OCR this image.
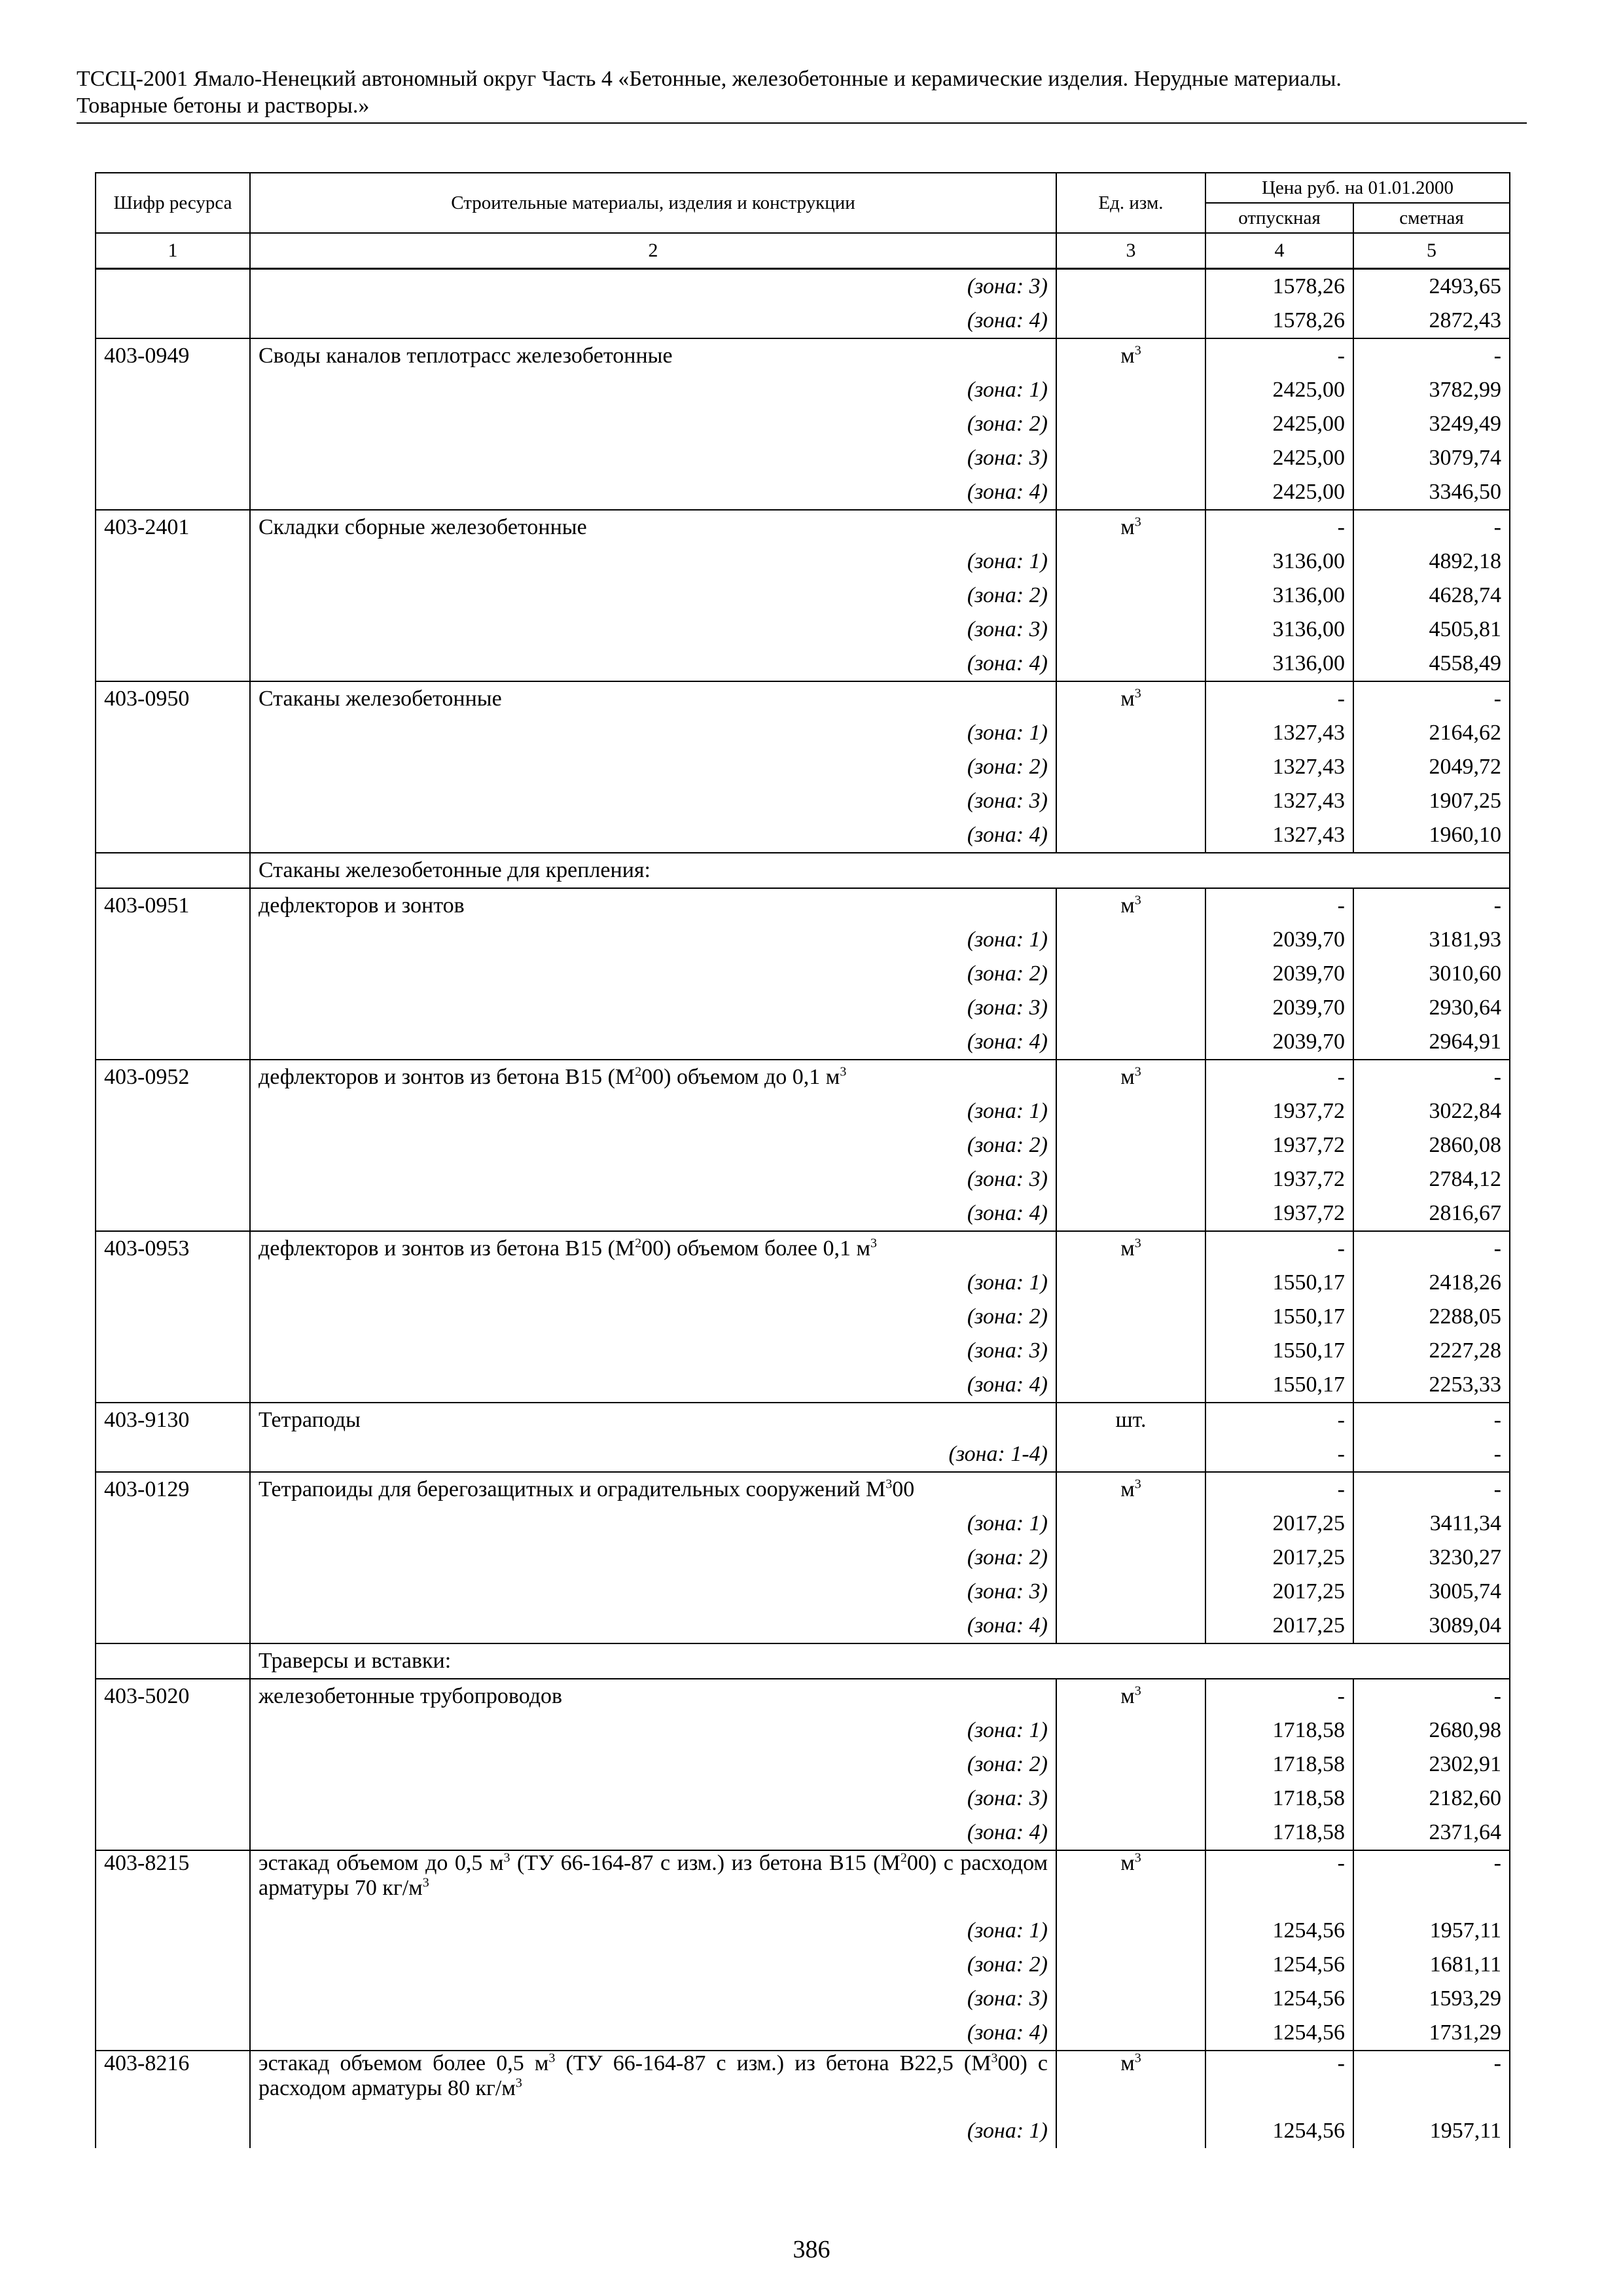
ТССЦ-2001 Ямало-Ненецкий автономный округ Часть 4 «Бетонные, железобетонные и керамические изделия. Нерудные материалы.
Товарные бетоны и растворы.»
Шифр ресурса	Строительные материалы, изделия и конструкции	Ед. изм.	Цена руб. на 01.01.2000	
			отпускная	сметная
1	2	3	4	5
	(зона: 3)		1578,26	2493,65
	(зона: 4)		1578,26	2872,43
403-0949	Своды каналов теплотрасс железобетонные	$м^3$	-	-
	(зона: 1)		2425,00	3782,99
	(зона: 2)		2425,00	3249,49
	(зона: 3)		2425,00	3079,74
	(зона: 4)		2425,00	3346,50
403-2401	Складки сборные железобетонные	$м^3$	-	-
	(зона: 1)		3136,00	4892,18
	(зона: 2)		3136,00	4628,74
	(зона: 3)		3136,00	4505,81
	(зона: 4)		3136,00	4558,49
403-0950	Стаканы железобетонные	$м^3$	-	-
	(зона: 1)		1327,43	2164,62
	(зона: 2)		1327,43	2049,72
	(зона: 3)		1327,43	1907,25
	(зона: 4)		1327,43	1960,10
	Стаканы железобетонные для крепления:			
403-0951	дефлекторов и зонтов	$м^3$	-	-
	(зона: 1)		2039,70	3181,93
	(зона: 2)		2039,70	3010,60
	(зона: 3)		2039,70	2930,64
	(зона: 4)		2039,70	2964,91
403-0952	дефлекторов и зонтов из бетона В15 $(М^200)$ объемом до 0,1 $м^3$	$м^3$	-	-
	(зона: 1)		1937,72	3022,84
	(зона: 2)		1937,72	2860,08
	(зона: 3)		1937,72	2784,12
	(зона: 4)		1937,72	2816,67
403-0953	дефлекторов и зонтов из бетона В15 $(М^200)$ объемом более 0,1 $м^3$	$м^3$	-	-
	(зона: 1)		1550,17	2418,26
	(зона: 2)		1550,17	2288,05
	(зона: 3)		1550,17	2227,28
	(зона: 4)		1550,17	2253,33
403-9130	Тетраподы	шт.	-	-
	(зона: 1-4)		-	-
403-0129	Тетрапоиды для берегозащитных и оградительных сооружений $М^300$	$м^3$	-	-
	(зона: 1)		2017,25	3411,34
	(зона: 2)		2017,25	3230,27
	(зона: 3)		2017,25	3005,74
	(зона: 4)		2017,25	3089,04
	Траверсы и вставки:			
403-5020	железобетонные трубопроводов	$м^3$	-	-
	(зона: 1)		1718,58	2680,98
	(зона: 2)		1718,58	2302,91
	(зона: 3)		1718,58	2182,60
	(зона: 4)		1718,58	2371,64
403-8215	эстакад объемом до 0,5 $м^3$ (ТУ 66-164-87 с изм.) из бетона В15 $(М^200)$ с расходом арматуры 70 $кг/м^3$	$м^3$	-	-
	(зона: 1)		1254,56	1957,11
	(зона: 2)		1254,56	1681,11
	(зона: 3)		1254,56	1593,29
	(зона: 4)		1254,56	1731,29
403-8216	эстакад объемом более 0,5 $м^3$ (ТУ 66-164-87 с изм.) из бетона В22,5 $(М^300)$ с расходом арматуры 80 $кг/м^3$	$м^3$	-	-
	(зона: 1)		1254,56	1957,11
386
